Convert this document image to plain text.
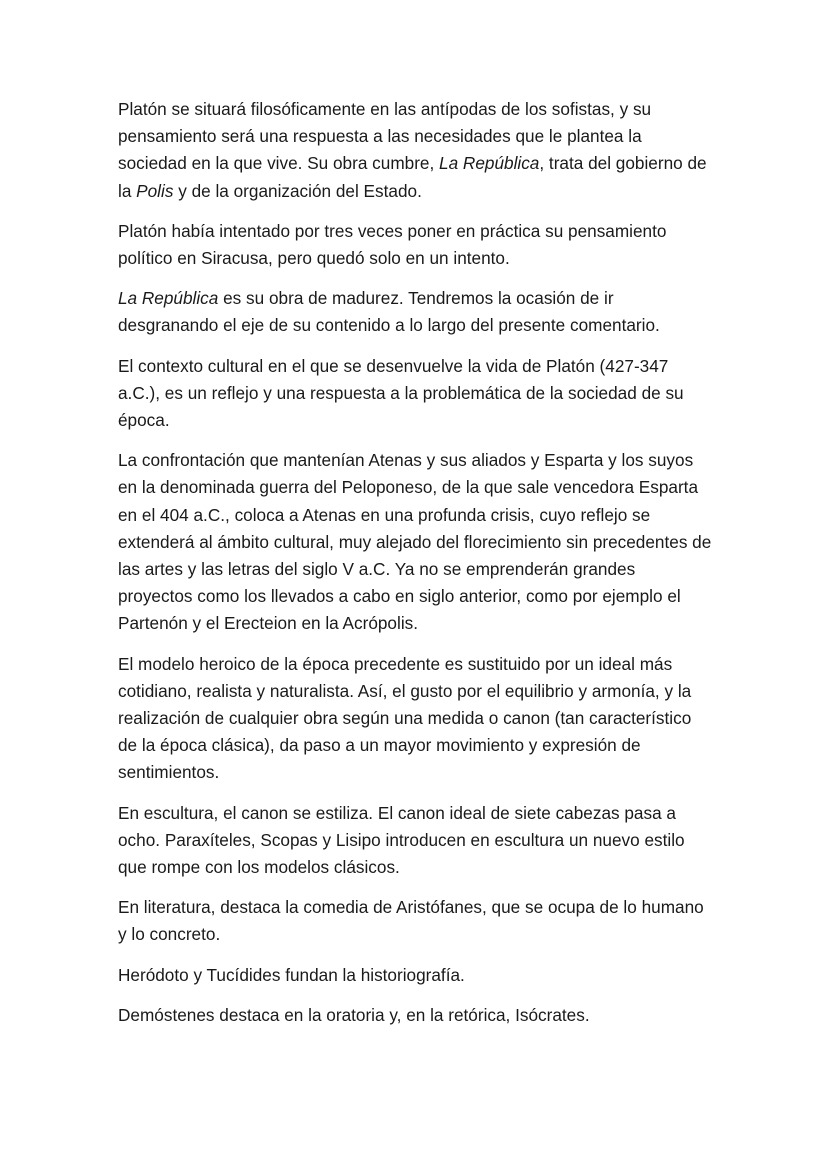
Platón se situará filosóficamente en las antípodas de los sofistas, y su pensamiento será una respuesta a las necesidades que le plantea la sociedad en la que vive. Su obra cumbre, La República, trata del gobierno de la Polis y de la organización del Estado.

Platón había intentado por tres veces poner en práctica su pensamiento político en Siracusa, pero quedó solo en un intento.

La República es su obra de madurez. Tendremos la ocasión de ir desgranando el eje de su contenido a lo largo del presente comentario.

El contexto cultural en el que se desenvuelve la vida de Platón (427-347 a.C.), es un reflejo y una respuesta a la problemática de la sociedad de su época.

La confrontación que mantenían Atenas y sus aliados y Esparta y los suyos en la denominada guerra del Peloponeso, de la que sale vencedora Esparta en el 404 a.C., coloca a Atenas en una profunda crisis, cuyo reflejo se extenderá al ámbito cultural, muy alejado del florecimiento sin precedentes de las artes y las letras del siglo V a.C. Ya no se emprenderán grandes proyectos como los llevados a cabo en siglo anterior, como por ejemplo el Partenón y el Erecteion en la Acrópolis.

El modelo heroico de la época precedente es sustituido por un ideal más cotidiano, realista y naturalista. Así, el gusto por el equilibrio y armonía, y la realización de cualquier obra según una medida o canon (tan característico de la época clásica), da paso a un mayor movimiento y expresión de sentimientos.

En escultura, el canon se estiliza. El canon ideal de siete cabezas pasa a ocho. Paraxíteles, Scopas y Lisipo introducen en escultura un nuevo estilo que rompe con los modelos clásicos.

En literatura, destaca la comedia de Aristófanes, que se ocupa de lo humano y lo concreto.

Heródoto y Tucídides fundan la historiografía.

Demóstenes destaca en la oratoria y, en la retórica, Isócrates.
